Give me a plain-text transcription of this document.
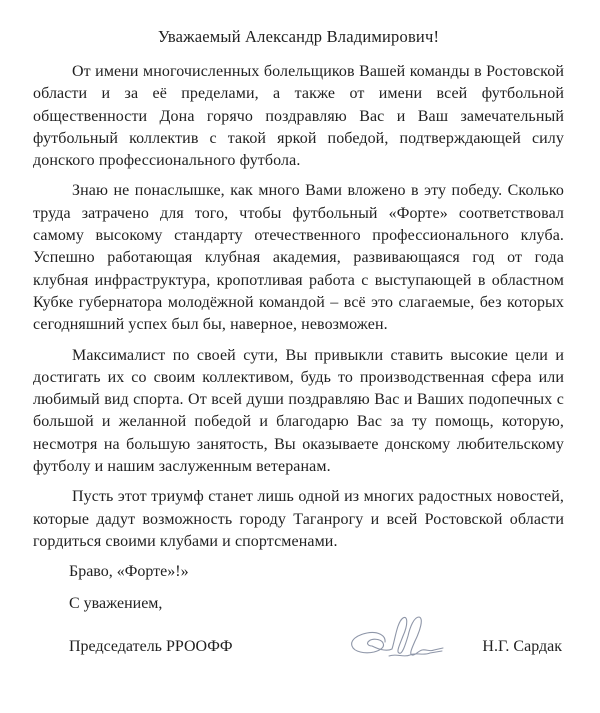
Уважаемый Александр Владимирович!

От имени многочисленных болельщиков Вашей команды в Ростовской области и за её пределами, а также от имени всей футбольной общественности Дона горячо поздравляю Вас и Ваш замечательный футбольный коллектив с такой яркой победой, подтверждающей силу донского профессионального футбола.

Знаю не понаслышке, как много Вами вложено в эту победу. Сколько труда затрачено для того, чтобы футбольный «Форте» соответствовал самому высокому стандарту отечественного профессионального клуба. Успешно работающая клубная академия, развивающаяся год от года клубная инфраструктура, кропотливая работа с выступающей в областном Кубке губернатора молодёжной командой – всё это слагаемые, без которых сегодняшний успех был бы, наверное, невозможен.

Максималист по своей сути, Вы привыкли ставить высокие цели и достигать их со своим коллективом, будь то производственная сфера или любимый вид спорта. От всей души поздравляю Вас и Ваших подопечных с большой и желанной победой и благодарю Вас за ту помощь, которую, несмотря на большую занятость, Вы оказываете донскому любительскому футболу и нашим заслуженным ветеранам.

Пусть этот триумф станет лишь одной из многих радостных новостей, которые дадут возможность городу Таганрогу и всей Ростовской области гордиться своими клубами и спортсменами.

Браво, «Форте»!»

С уважением,

Председатель РРООФФ	Н.Г. Сардак
